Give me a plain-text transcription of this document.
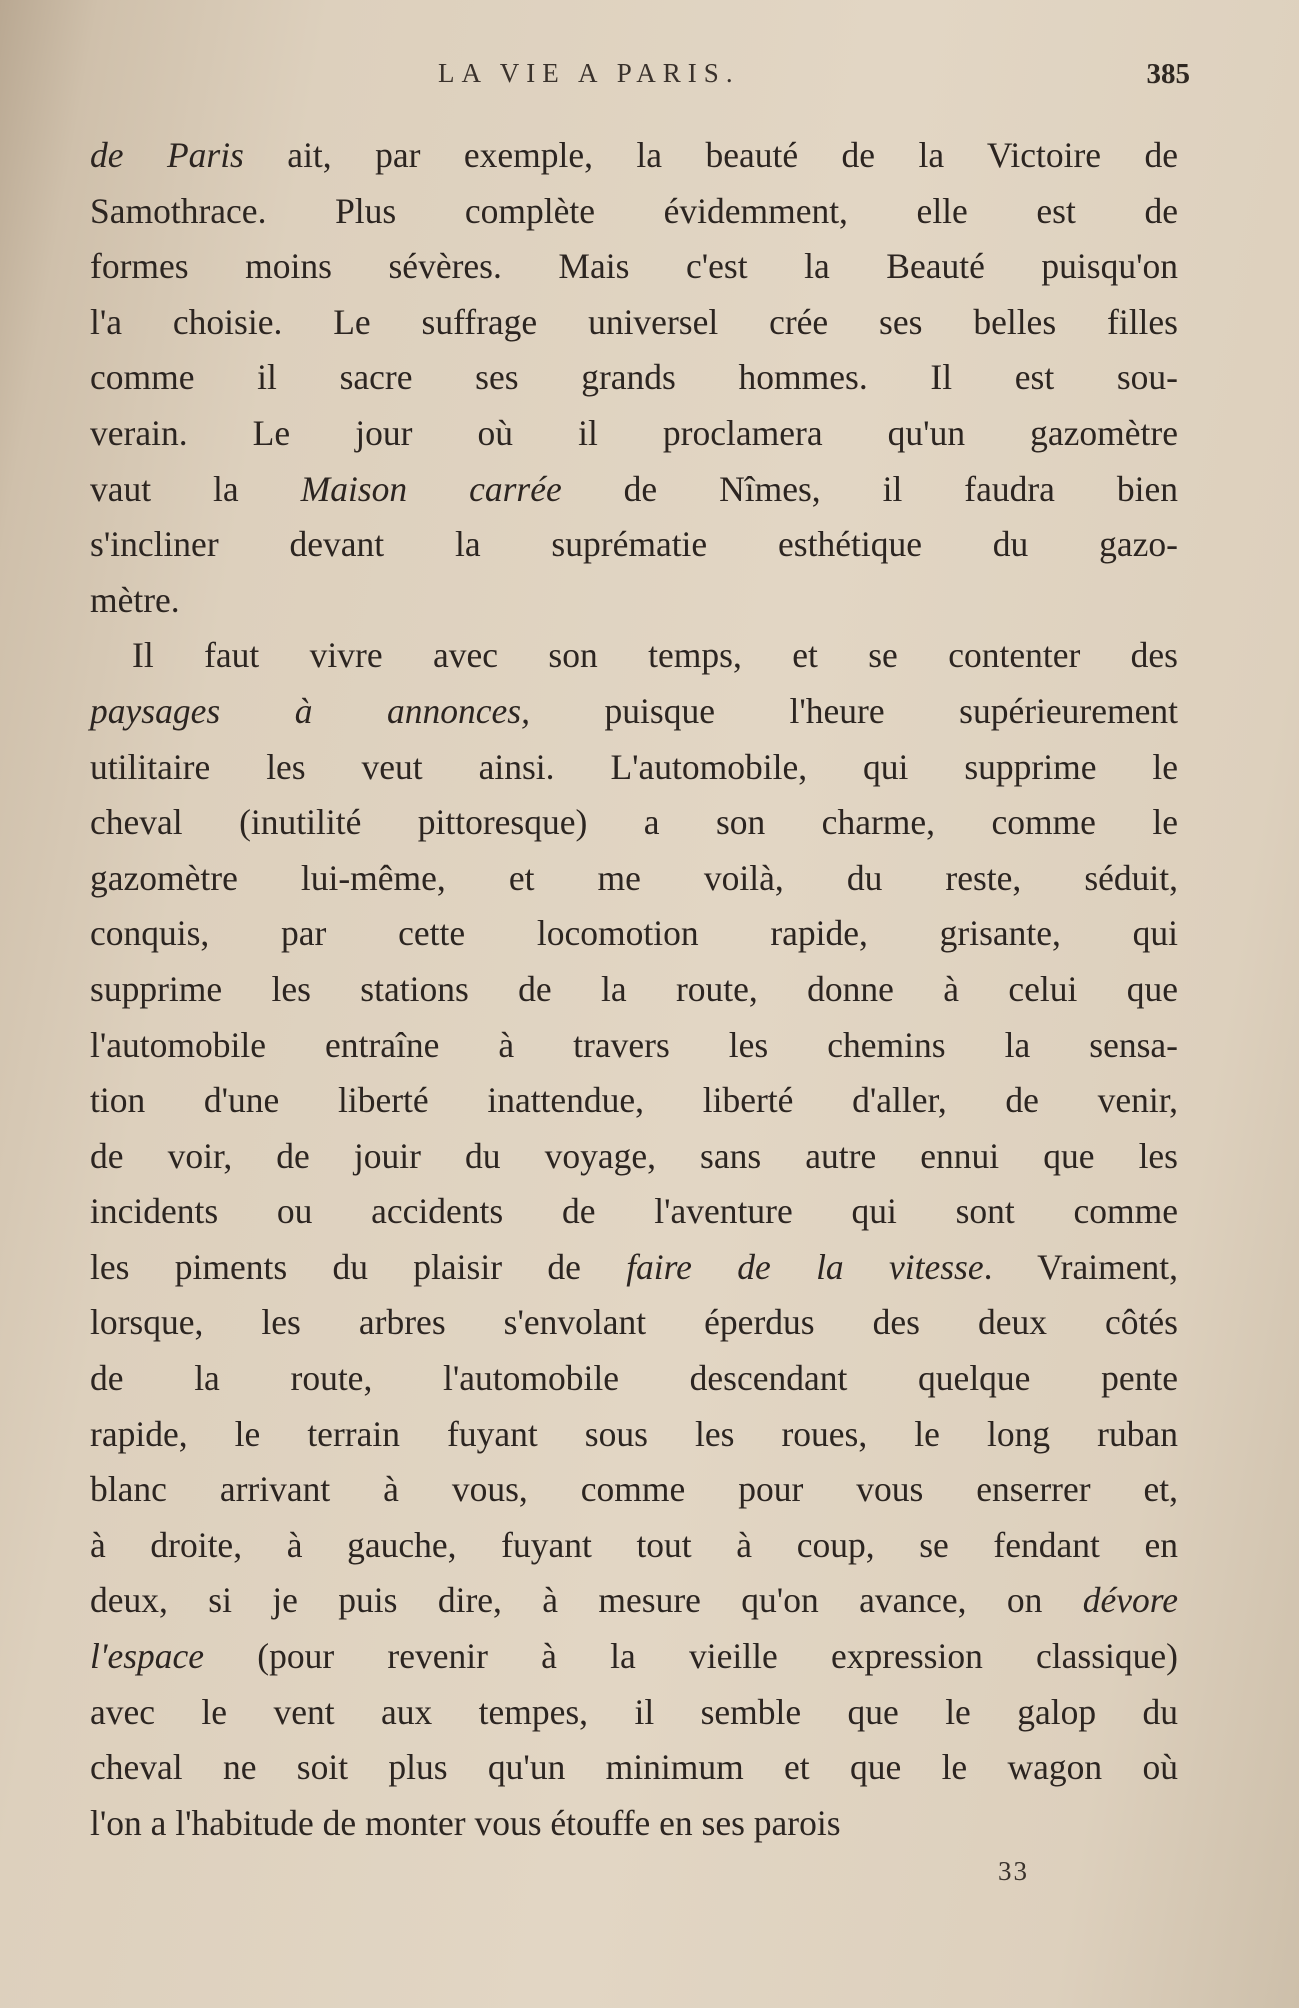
LA VIE A PARIS.	385
de Paris ait, par exemple, la beauté de la Victoire de
Samothrace. Plus complète évidemment, elle est de
formes moins sévères. Mais c'est la Beauté puisqu'on
l'a choisie. Le suffrage universel crée ses belles filles
comme il sacre ses grands hommes. Il est sou-
verain. Le jour où il proclamera qu'un gazomètre
vaut la Maison carrée de Nîmes, il faudra bien
s'incliner devant la suprématie esthétique du gazo-
mètre.
Il faut vivre avec son temps, et se contenter des
paysages à annonces, puisque l'heure supérieurement
utilitaire les veut ainsi. L'automobile, qui supprime le
cheval (inutilité pittoresque) a son charme, comme le
gazomètre lui-même, et me voilà, du reste, séduit,
conquis, par cette locomotion rapide, grisante, qui
supprime les stations de la route, donne à celui que
l'automobile entraîne à travers les chemins la sensa-
tion d'une liberté inattendue, liberté d'aller, de venir,
de voir, de jouir du voyage, sans autre ennui que les
incidents ou accidents de l'aventure qui sont comme
les piments du plaisir de faire de la vitesse. Vraiment,
lorsque, les arbres s'envolant éperdus des deux côtés
de la route, l'automobile descendant quelque pente
rapide, le terrain fuyant sous les roues, le long ruban
blanc arrivant à vous, comme pour vous enserrer et,
à droite, à gauche, fuyant tout à coup, se fendant en
deux, si je puis dire, à mesure qu'on avance, on dévore
l'espace (pour revenir à la vieille expression classique)
avec le vent aux tempes, il semble que le galop du
cheval ne soit plus qu'un minimum et que le wagon où
l'on a l'habitude de monter vous étouffe en ses parois
33
